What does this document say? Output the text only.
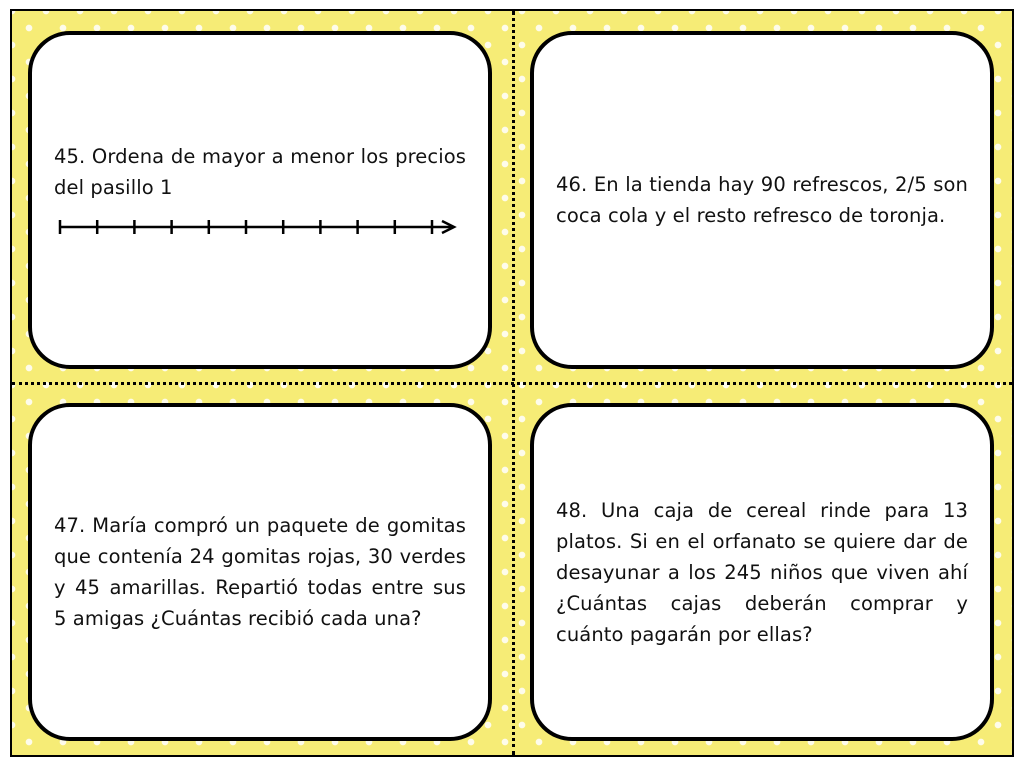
45. Ordena de mayor a menor los precios del pasillo 1	46. En la tienda hay 90 refrescos, 2/5 son coca cola y el resto refresco de toronja.

47. María compró un paquete de gomitas que contenía 24 gomitas rojas, 30 verdes y 45 amarillas. Repartió todas entre sus 5 amigas ¿Cuántas recibió cada una?

48. Una caja de cereal rinde para 13 platos. Si en el orfanato se quiere dar de desayunar a los 245 niños que viven ahí ¿Cuántas cajas deberán comprar y cuánto pagarán por ellas?
